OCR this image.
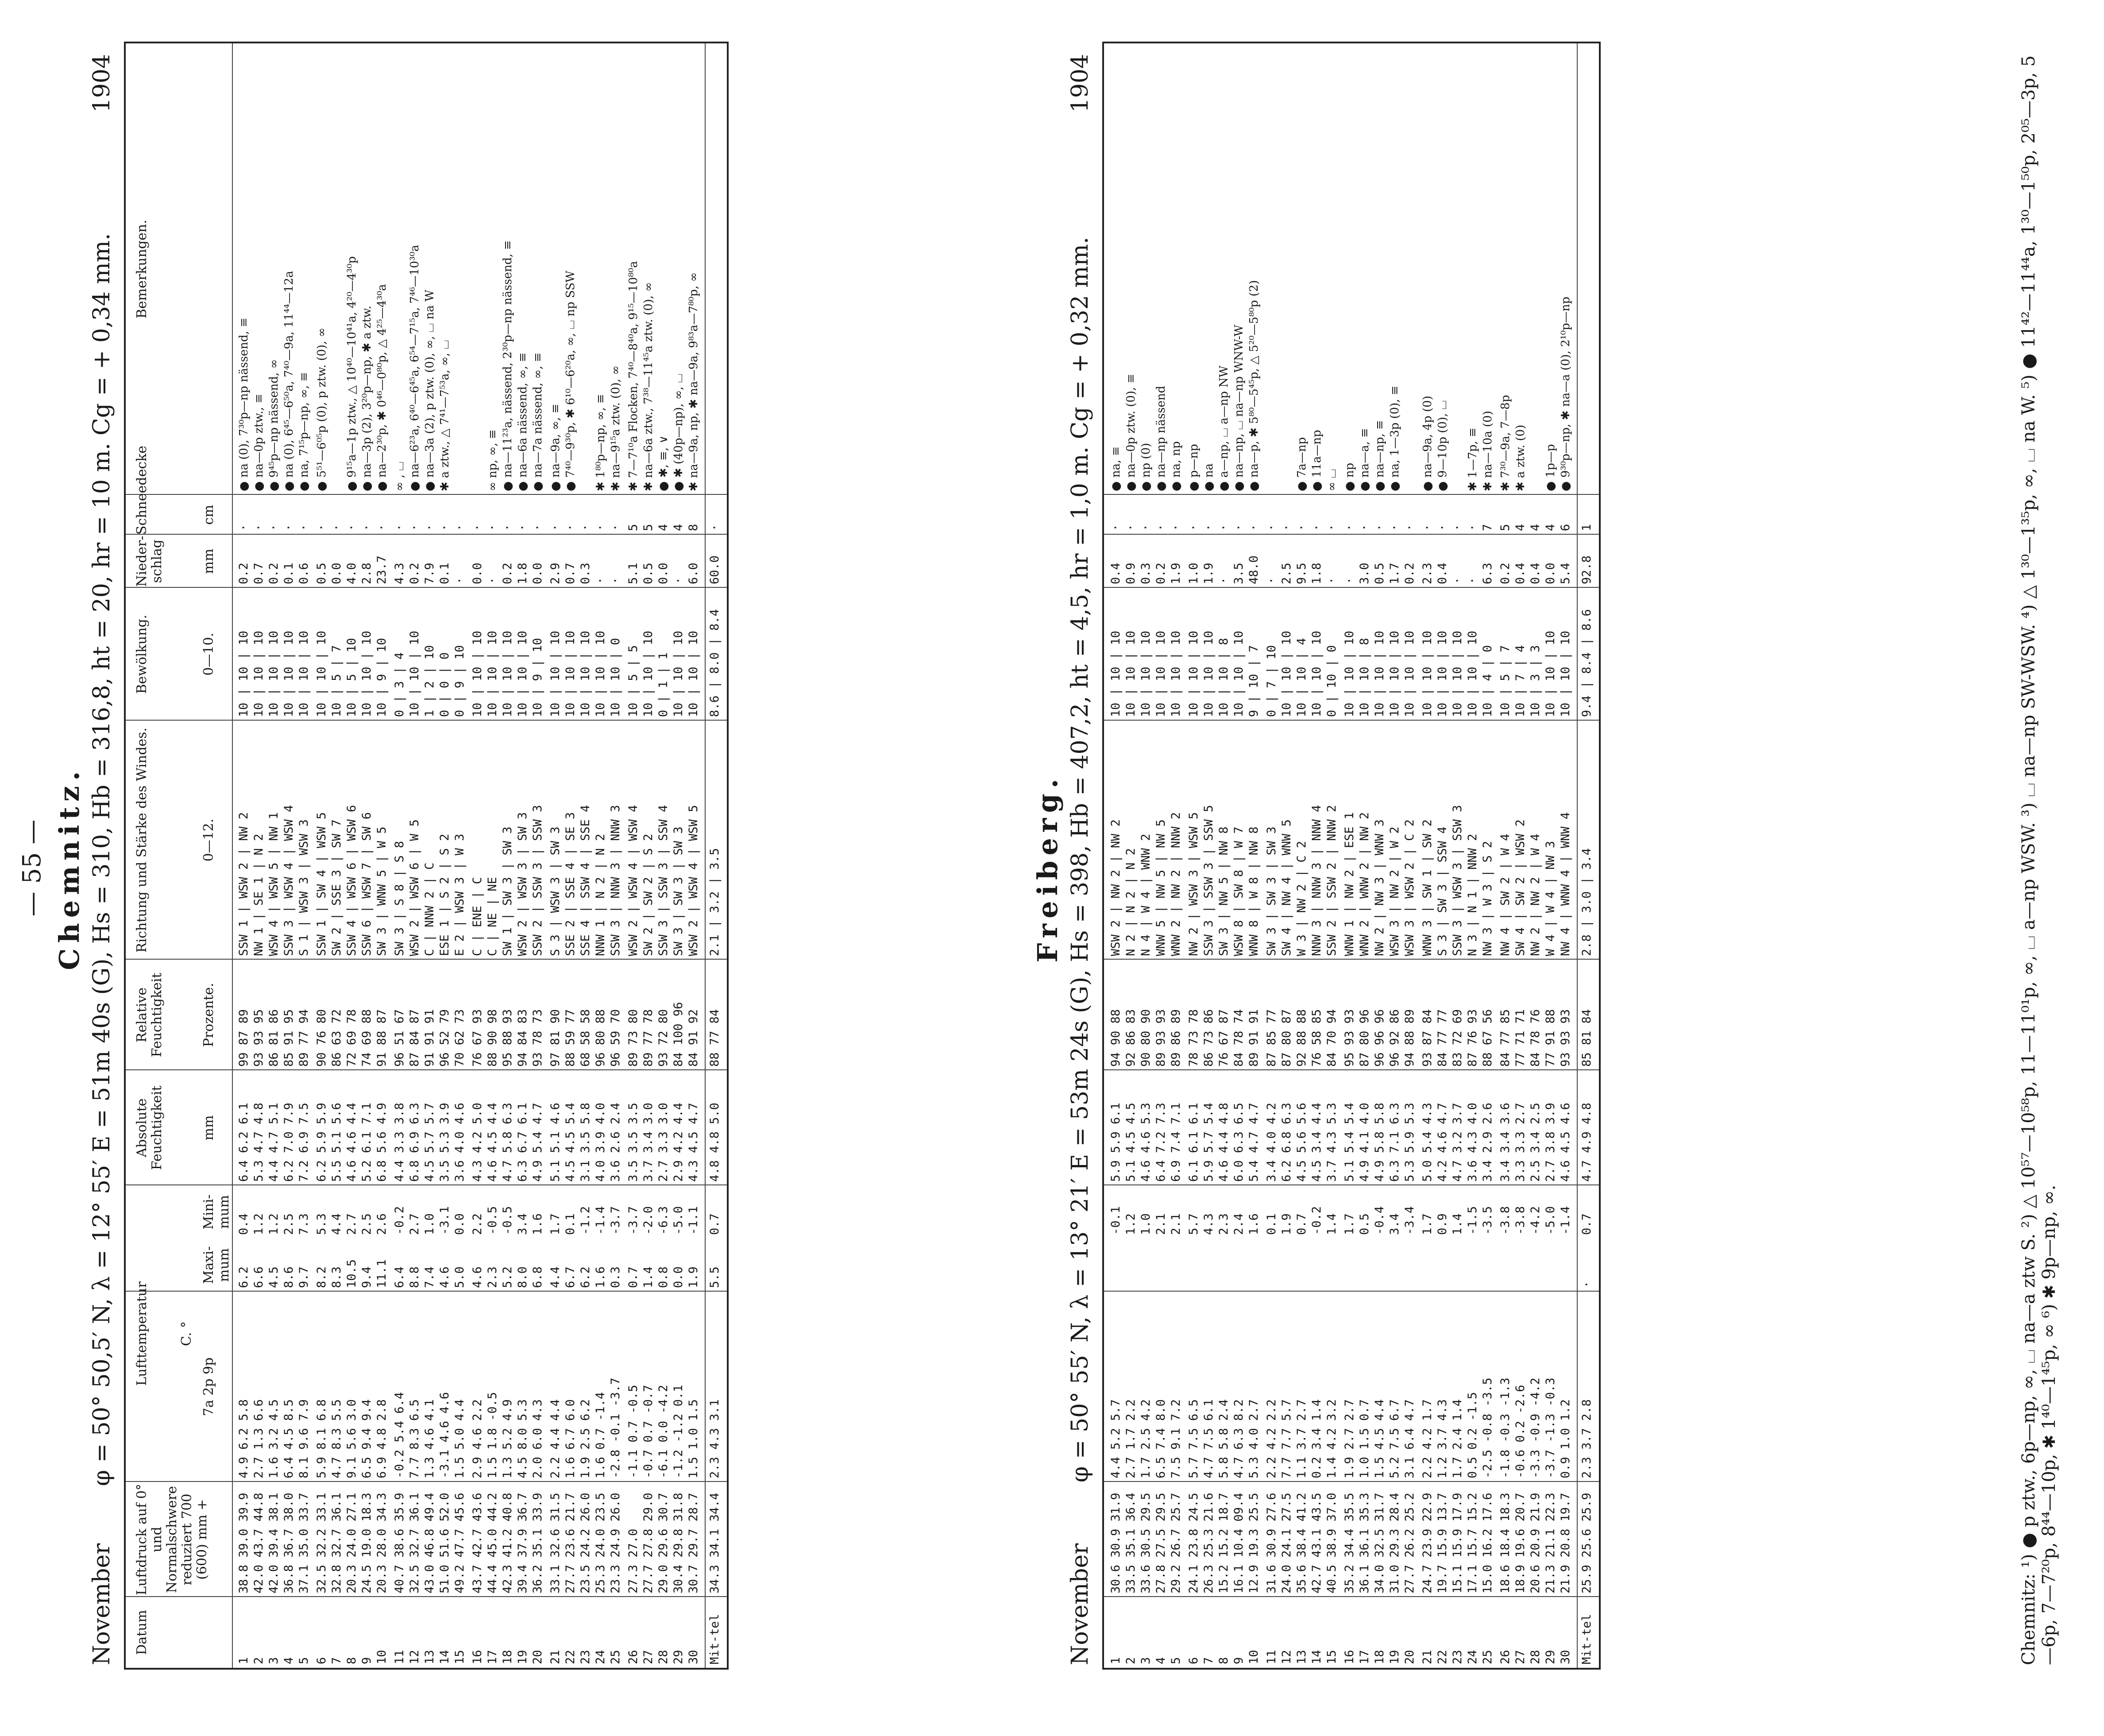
— 55 — Chemnitz.
November
φ = 50° 50,5′ N, λ = 12° 55′ E = 51m 40s (G), Hs = 310, Hb = 316,8, ht = 20, hr = 10 m. Cg = + 0,34 mm.
1904
Datum
Luftdruck auf 0° und Normalschwere reduziert 700 (600) mm +
Lufttemperatur
Absolute Feuchtigkeit
Relative Feuchtigkeit
Richtung und Stärke des Windes.
Bewölkung.
Nieder-schlag
Schneedecke
Bemerkungen.
7a 2p 9p
Maxi-mum
Mini-mum
mm
Prozente.
0—12.
0—10.
mm
cm
C. °
1
38.8 39.0 39.9
4.9 6.2 5.8
6.2
0.4
6.4 6.2 6.1
99 87 89
SSW 1 | WSW 2 | NW 2
10 | 10 | 10
0.2
·
● na (0), 7³⁰p—np nässend, ≡
2
42.0 43.7 44.8
2.7 1.3 6.6
6.6
1.2
5.3 4.7 4.8
93 93 95
NW 1 | SE 1 | N 2
10 | 10 | 10
0.7
·
● na—0p ztw., ≡
3
42.0 39.4 38.1
1.6 3.2 4.5
4.5
1.2
4.4 4.7 5.1
86 81 86
WSW 4 | WSW 5 | NW 1
10 | 10 | 10
0.2
·
● 9⁴⁵p—np nässend, ∞
4
36.8 36.7 38.0
6.4 4.5 8.5
8.6
2.5
6.2 7.0 7.9
85 91 95
SSW 3 | WSW 4 | WSW 4
10 | 10 | 10
0.1
·
● na (0), 6⁴⁵—6⁵⁰a, 7⁴⁰—9a, 11⁴⁴—12a
5
37.1 35.0 33.7
8.1 9.6 7.9
9.7
7.3
7.2 6.9 7.5
89 77 94
S 1 | WSW 3 | WSW 3
10 | 10 | 10
0.6
·
● na, 7¹⁵p—np, ∞, ≡
6
32.5 32.2 33.1
5.9 8.1 6.8
8.2
5.3
6.2 5.9 5.9
90 76 80
SSW 1 | SW 4 | WSW 5
10 | 10 | 10
0.5
·
● 5⁵¹—6⁰⁵p (0), p ztw. (0), ∞
7
32.8 32.7 36.1
4.7 8.3 5.5
8.3
4.4
5.5 5.1 5.6
86 63 72
SW 2 | SSE 3 | SW 7
10 | 5 | 7
0.0
·
8
20.3 24.0 27.1
9.1 5.6 3.0
10.5
2.7
4.6 4.6 4.4
72 69 78
SSW 4 | WSW 6 | WSW 6
10 | 5 | 10
4.0
·
● 9¹⁵a—1p ztw., △ 10⁴⁰—10⁴¹a, 4²⁰—4³⁰p
9
24.5 19.0 18.3
6.5 9.4 9.4
9.4
2.5
5.2 6.1 7.1
74 69 88
SSW 6 | WSW 7 | SW 6
10 | 10 | 10
2.8
·
● na—3p (2), 3²⁰p—np, ✱ a ztw.
10
20.3 28.0 34.3
6.9 4.8 2.8
11.1
2.6
6.8 5.6 4.9
91 88 87
SW 3 | WNW 5 | W 5
10 | 9 | 10
23.7
·
● na—2³⁰p, ✱ 0⁴⁶—0⁸⁰p, △ 4²⁵—4³⁰a
11
40.7 38.6 35.9
-0.2 5.4 6.4
6.4
-0.2
4.4 3.3 3.8
96 51 67
SW 3 | S 8 | S 8
0 | 3 | 4
4.3
·
∞ , ⌴
12
32.5 32.7 36.1
7.7 8.3 6.5
8.8
2.7
6.8 6.9 6.3
87 84 87
WSW 2 | WSW 6 | W 5
10 | 10 | 10
0.2
·
● na—6²³a, 6⁴⁰—6⁴⁵a, 6⁵⁴—7¹⁵a, 7⁴⁶—10³⁰a
13
43.0 46.8 49.4
1.3 4.6 4.1
7.4
1.0
4.5 5.7 5.7
91 91 91
C | NNW 2 | C
1 | 2 | 10
7.9
·
● na—3a (2), p ztw. (0), ∞, ⌴ na W
14
51.0 51.6 52.0
-3.1 4.6 4.6
4.6
-3.1
3.5 5.3 3.9
96 52 79
ESE 1 | S 2 | S 2
0 | 0 | 0
0.1
·
✱ a ztw., △ 7⁴¹—7⁵³a, ∞, ⌴
15
49.2 47.7 45.6
1.5 5.0 4.4
5.0
0.0
3.6 4.0 4.6
70 62 73
E 2 | WSW 3 | W 3
0 | 9 | 10
·
·
16
43.7 42.7 43.6
2.9 4.6 2.2
4.6
2.2
4.3 4.2 5.0
76 67 93
C | ENE | C
10 | 10 | 10
0.0
·
17
44.4 45.0 44.2
1.5 1.8 -0.5
2.3
-0.5
4.6 4.5 4.4
88 90 98
C | NE | NE
10 | 10 | 10
·
·
∞ np, ∞, ≡
18
42.3 41.2 40.8
1.3 5.2 4.9
5.2
-0.5
4.7 5.8 6.3
95 88 93
SW 1 | SW 3 | SW 3
10 | 10 | 10
0.2
·
● na—11²³a, nässend, 2³⁰p—np nässend, ≡
19
39.4 37.9 36.7
4.5 8.0 5.3
8.0
3.4
6.3 6.7 6.1
94 84 83
WSW 2 | WSW 3 | SW 3
10 | 10 | 10
1.8
·
● na—6a nässend, ∞, ≡
20
36.2 35.1 33.9
2.0 6.0 4.3
6.8
1.6
4.9 5.4 4.7
93 78 73
SSW 2 | SSW 3 | SSW 3
10 | 9 | 10
0.0
·
● na—7a nässend, ∞, ≡
21
33.1 32.6 31.5
2.2 4.4 4.4
4.4
1.7
5.1 5.1 4.6
97 81 90
S 3 | WSW 3 | SW 3
10 | 10 | 10
2.9
·
● na—9a, ∞, ≡
22
27.7 23.6 21.7
1.6 6.7 6.0
6.7
0.1
4.5 4.5 5.4
88 59 77
SSE 2 | SSE 4 | SE 3
10 | 10 | 10
0.7
·
● 7⁴⁰—9³⁰p, ✱ 6¹⁰—6²⁰a, ∞, ⌴ np SSW
23
23.5 24.2 26.0
1.9 2.5 6.2
6.2
-1.2
3.1 3.5 5.8
68 58 58
SSE 4 | SSW 4 | SSE 4
10 | 10 | 10
0.3
·
24
25.3 24.0 23.5
1.6 0.7 -1.4
1.6
-1.4
4.0 3.9 4.0
96 80 88
NNW 1 | N 2 | N 2
10 | 10 | 10
·
·
✱ 1⁸⁰p—np, ∞, ≡
25
23.3 24.9 26.0
-2.8 -0.1 -3.7
0.3
-3.7
3.6 2.6 2.4
96 59 70
SSW 3 | NNW 3 | NNW 3
10 | 10 | 0
·
·
✱ na—9¹⁵a ztw. (0), ∞
26
27.3 27.0
-1.1 0.7 -0.5
0.7
-3.7
3.5 3.5 3.5
89 73 80
WSW 2 | WSW 4 | WSW 4
10 | 5 | 5
5.1
5
✱ 7—7¹⁰a Flocken, 7⁴⁰—8⁴⁰a, 9¹⁵—10⁸⁰a
27
27.7 27.8 29.0
-0.7 0.7 -0.7
1.4
-2.0
3.7 3.4 3.0
89 77 78
SW 2 | SW 2 | S 2
10 | 10 | 10
0.5
5
✱ na—6a ztw., 7³⁸—11⁴⁵a ztw. (0), ∞
28
29.0 29.6 30.7
-6.1 0.0 -4.2
0.8
-6.3
2.7 3.3 3.0
93 72 80
SSW 3 | SSW 3 | SSW 4
0 | 1 | 1
0.0
4
● ✱, ≡, ∨
29
30.4 29.8 31.8
-1.2 -1.2 0.1
0.0
-5.0
2.9 4.2 4.4
84 100 96
SW 3 | SW 3 | SW 3
10 | 10 | 10
·
4
● ✱ (40p—np), ∞, ⌴
30
30.7 29.7 28.7
1.5 1.0 1.5
1.9
-1.1
4.3 4.5 4.7
84 91 92
WSW 2 | WSW 4 | WSW 5
10 | 10 | 10
6.0
8
✱ na—9a, np, ✱ na—9a, 9⁸³a—7⁸⁰p, ∞
Mit-tel
34.3 34.1 34.4
2.3 4.3 3.1
5.5
0.7
4.8 4.8 5.0
88 77 84
2.1 | 3.2 | 3.5
8.6 | 8.0 | 8.4
60.0
·
Freiberg.
November
φ = 50° 55′ N, λ = 13° 21′ E = 53m 24s (G), Hs = 398, Hb = 407,2, ht = 4,5, hr = 1,0 m. Cg = + 0,32 mm.
1904
1
30.6 30.9 31.9
4.4 5.2 5.7
-0.1
5.9 5.9 6.1
94 90 88
WSW 2 | NW 2 | NW 2
10 | 10 | 10
0.4
·
● na, ≡
2
33.5 35.1 36.4
2.7 1.7 2.2
1.2
5.1 4.5 4.5
92 86 83
N 2 | N 2 | N 2
10 | 10 | 10
0.9
·
● na—0p ztw. (0), ≡
3
33.6 30.5 29.5
1.7 2.5 4.2
1.0
4.6 4.6 5.3
90 80 90
N 4 | W 4 | WNW 2
10 | 10 | 10
0.3
·
● np (0)
4
27.8 27.5 29.5
6.5 7.4 8.0
2.1
6.4 7.2 7.3
89 93 93
WNW 5 | NW 5 | NW 5
10 | 10 | 10
0.2
·
● na—np nässend
5
29.2 26.7 25.7
7.5 9.1 7.2
2.1
6.9 7.4 7.1
89 86 89
WNW 2 | NW 2 | NNW 2
10 | 10 | 10
1.9
·
● na, np
6
24.1 23.8 24.5
5.7 7.5 6.5
5.7
6.1 6.1 6.1
78 73 78
NW 2 | WSW 3 | WSW 5
10 | 10 | 10
1.0
·
● p—np
7
26.3 25.3 21.6
4.7 7.5 6.1
4.3
5.9 5.7 5.4
86 73 86
SSW 3 | SSW 3 | SSW 5
10 | 10 | 10
1.9
·
● na
8
15.2 15.2 18.7
5.8 5.8 2.4
2.3
4.6 4.4 4.8
76 67 87
SW 3 | NW 5 | NW 8
10 | 10 | 8
·
·
● a—np, ⌴ a—np NW
9
16.1 10.4 09.4
4.7 6.3 8.2
2.4
6.0 6.3 6.5
84 78 74
WSW 8 | SW 8 | W 7
10 | 10 | 10
3.5
·
● na—np, ⌴ na—np WNW-W
10
12.9 19.3 25.5
5.3 4.0 2.7
1.6
5.4 4.7 4.7
89 91 91
WNW 8 | W 8 | NW 8
9 | 10 | 7
48.0
·
● na—p, ✱ 5⁸⁰—5⁴⁵p, △ 5²⁰—5⁸⁰p (2)
11
31.6 30.9 27.6
2.2 4.2 2.2
0.1
3.4 4.0 4.2
87 85 77
SW 3 | SW 3 | SW 3
0 | 7 | 10
·
·
12
24.0 24.1 27.5
7.7 7.7 5.7
1.9
6.2 6.8 6.3
87 80 87
SW 4 | NW 4 | WNW 5
10 | 10 | 10
2.5
·
13
35.6 38.4 41.2
1.1 3.7 2.7
0.7
4.5 5.6 5.6
92 88 88
W 3 | NW 2 | C 2
10 | 10 | 4
9.5
·
● 7a—np
14
42.7 43.1 43.5
0.2 3.4 1.4
-0.2
4.5 3.4 4.4
76 58 85
NNW 3 | NNW 3 | NNW 4
10 | 10 | 10
1.8
·
● 11a—np
15
40.5 38.9 37.0
1.4 4.2 3.2
1.4
3.7 4.3 5.3
84 70 94
SSW 2 | SSW 2 | NNW 2
0 | 10 | 0
·
·
∞ ⌴
16
35.2 34.4 35.5
1.9 2.7 2.7
1.7
5.1 5.4 5.4
95 93 93
WNW 1 | NW 2 | ESE 1
10 | 10 | 10
·
·
● np
17
36.1 36.1 35.3
1.0 1.5 0.7
0.5
4.9 4.1 4.0
87 80 96
WNW 2 | WNW 2 | NW 2
10 | 10 | 8
3.0
·
● na—a, ≡
18
34.0 32.5 31.7
1.5 4.5 4.4
-0.4
4.9 5.8 5.8
96 96 96
NW 2 | NW 3 | WNW 3
10 | 10 | 10
0.5
·
● na—np, ≡
19
31.0 29.3 28.4
5.2 7.5 6.7
3.4
6.3 7.1 6.3
96 92 86
WSW 3 | NW 2 | W 2
10 | 10 | 10
1.7
·
● na, 1—3p (0), ≡
20
27.7 26.2 25.2
3.1 6.4 4.7
-3.4
5.3 5.9 5.3
94 88 89
WSW 3 | WSW 2 | C 2
10 | 10 | 10
0.2
·
21
24.7 23.9 22.9
2.2 4.2 1.7
1.7
5.0 5.4 4.3
93 87 84
WNW 3 | SW 1 | SW 2
10 | 10 | 10
2.3
·
● na—9a, 4p (0)
22
19.7 15.9 13.7
1.2 3.7 4.3
0.9
4.2 4.6 4.7
84 77 77
S 3 | SW 3 | SSW 4
10 | 10 | 10
0.4
·
● 9—10p (0), ⌴
23
15.1 15.9 17.9
1.7 2.4 1.4
1.4
4.7 3.2 3.7
83 72 69
SSW 3 | WSW 3 | SSW 3
10 | 10 | 10
·
·
24
17.1 15.7 15.2
0.5 0.2 -1.5
-1.5
3.6 4.3 4.0
87 76 93
N 3 | N 1 | NNW 2
10 | 10 | 10
·
·
✱ 1—7p, ≡
25
15.0 16.2 17.6
-2.5 -0.8 -3.5
-3.5
3.4 2.9 2.6
88 67 56
NW 3 | W 3 | S 2
10 | 4 | 0
6.3
7
✱ na—10a (0)
26
18.6 18.4 18.3
-1.8 -0.3 -1.3
-3.8
3.4 3.4 3.6
84 77 85
NW 4 | SW 2 | W 4
10 | 5 | 7
0.2
5
✱ 7³⁰—9a, 7—8p
27
18.9 19.6 20.7
-0.6 0.2 -2.6
-3.8
3.3 3.3 2.7
77 71 71
SW 4 | SW 2 | WSW 2
10 | 7 | 4
0.4
4
✱ a ztw. (0)
28
20.6 20.9 21.9
-3.3 -0.9 -4.2
-4.2
2.5 3.4 2.5
84 78 76
NW 2 | NW 2 | W 4
10 | 3 | 3
0.4
4
29
21.3 21.1 22.3
-3.7 -1.3 -0.3
-5.0
2.7 3.8 3.9
77 91 88
W 4 | W 4 | NW 3
10 | 10 | 10
0.0
4
● 1p—p
30
21.9 20.8 19.7
0.9 1.0 1.2
-1.4
4.6 4.5 4.6
93 93 93
NW 4 | WNW 4 | WNW 4
10 | 10 | 10
5.4
6
● 9³⁰p—np, ✱ na—a (0), 2¹⁰p—np
Mit-tel
25.9 25.6 25.9
2.3 3.7 2.8
·
0.7
4.7 4.9 4.8
85 81 84
2.8 | 3.0 | 3.4
9.4 | 8.4 | 8.6
92.8
1	Chemnitz: ¹) ● p ztw., 6p—np, ∞, ⌴ na—a ztw S. ²) △ 10⁵⁷—10⁵⁸p, 11—11⁰¹p, ∞, ⌴ a—np WSW. ³) ⌴ na—np SW-WSW. ⁴) △ 1³⁰—1³⁵p, ∞, ⌴ na W. ⁵) ● 11⁴²—11⁴⁴a, 1³⁰—1⁵⁰p, 2⁰⁵—3p, 5—6p, 7—7²⁰p, 8⁴⁴—10p, ✱ 1⁴⁰—1⁴⁵p, ∞ ⁶) ✱ 9p—np, ∞.
